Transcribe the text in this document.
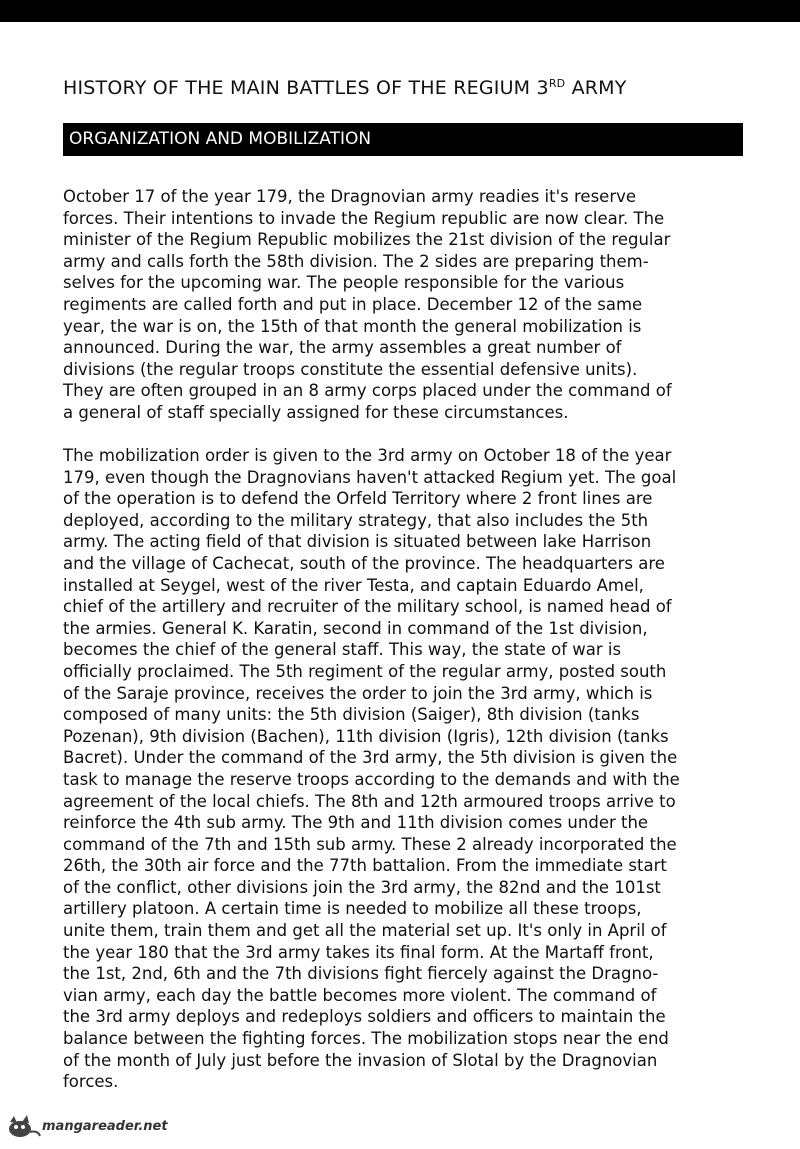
HISTORY OF THE MAIN BATTLES OF THE REGIUM 3RD ARMY
ORGANIZATION AND MOBILIZATION
October 17 of the year 179, the Dragnovian army readies it's reserve
forces. Their intentions to invade the Regium republic are now clear. The
minister of the Regium Republic mobilizes the 21st division of the regular
army and calls forth the 58th division. The 2 sides are preparing them-
selves for the upcoming war. The people responsible for the various
regiments are called forth and put in place. December 12 of the same
year, the war is on, the 15th of that month the general mobilization is
announced. During the war, the army assembles a great number of
divisions (the regular troops constitute the essential defensive units).
They are often grouped in an 8 army corps placed under the command of
a general of staff specially assigned for these circumstances.
The mobilization order is given to the 3rd army on October 18 of the year
179, even though the Dragnovians haven't attacked Regium yet. The goal
of the operation is to defend the Orfeld Territory where 2 front lines are
deployed, according to the military strategy, that also includes the 5th
army. The acting field of that division is situated between lake Harrison
and the village of Cachecat, south of the province. The headquarters are
installed at Seygel, west of the river Testa, and captain Eduardo Amel,
chief of the artillery and recruiter of the military school, is named head of
the armies. General K. Karatin, second in command of the 1st division,
becomes the chief of the general staff. This way, the state of war is
officially proclaimed. The 5th regiment of the regular army, posted south
of the Saraje province, receives the order to join the 3rd army, which is
composed of many units: the 5th division (Saiger), 8th division (tanks
Pozenan), 9th division (Bachen), 11th division (Igris), 12th division (tanks
Bacret). Under the command of the 3rd army, the 5th division is given the
task to manage the reserve troops according to the demands and with the
agreement of the local chiefs. The 8th and 12th armoured troops arrive to
reinforce the 4th sub army. The 9th and 11th division comes under the
command of the 7th and 15th sub army. These 2 already incorporated the
26th, the 30th air force and the 77th battalion. From the immediate start
of the conflict, other divisions join the 3rd army, the 82nd and the 101st
artillery platoon. A certain time is needed to mobilize all these troops,
unite them, train them and get all the material set up. It's only in April of
the year 180 that the 3rd army takes its final form. At the Martaff front,
the 1st, 2nd, 6th and the 7th divisions fight fiercely against the Dragno-
vian army, each day the battle becomes more violent. The command of
the 3rd army deploys and redeploys soldiers and officers to maintain the
balance between the fighting forces. The mobilization stops near the end
of the month of July just before the invasion of Slotal by the Dragnovian
forces.
mangareader.net
